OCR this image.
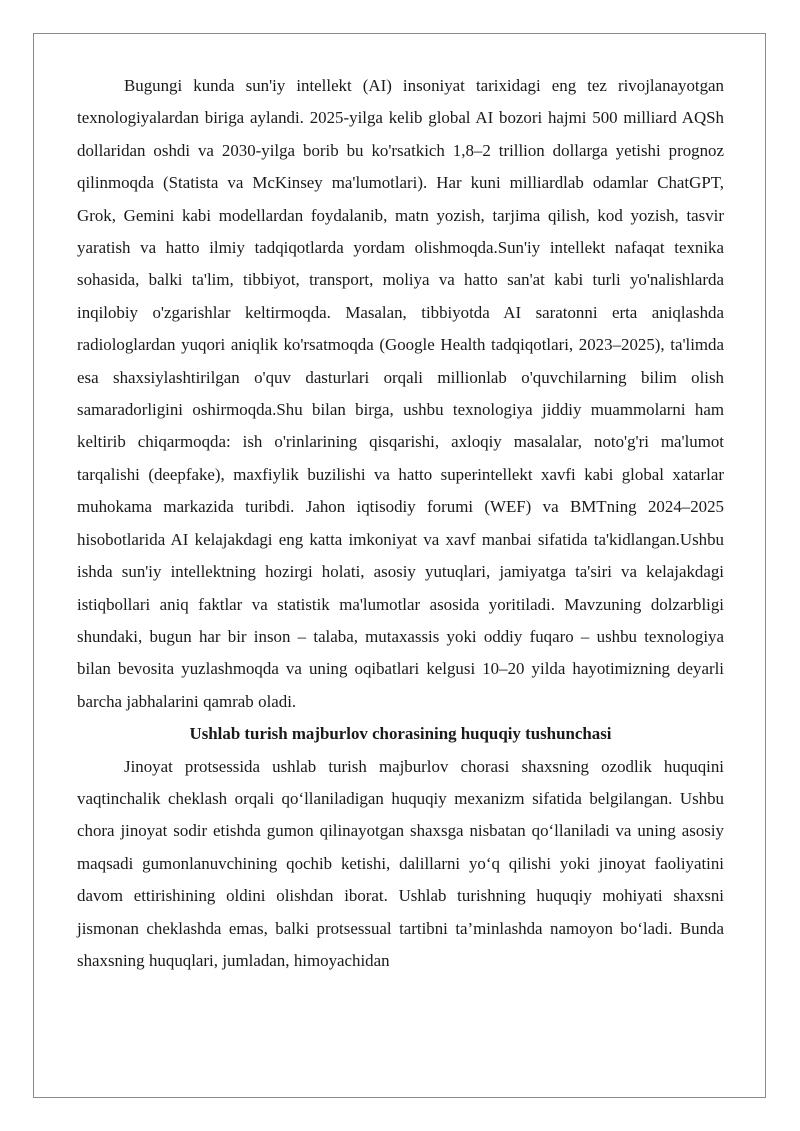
Bugungi kunda sun'iy intellekt (AI) insoniyat tarixidagi eng tez rivojlanayotgan texnologiyalardan biriga aylandi. 2025-yilga kelib global AI bozori hajmi 500 milliard AQSh dollaridan oshdi va 2030-yilga borib bu ko'rsatkich 1,8–2 trillion dollarga yetishi prognoz qilinmoqda (Statista va McKinsey ma'lumotlari). Har kuni milliardlab odamlar ChatGPT, Grok, Gemini kabi modellardan foydalanib, matn yozish, tarjima qilish, kod yozish, tasvir yaratish va hatto ilmiy tadqiqotlarda yordam olishmoqda.Sun'iy intellekt nafaqat texnika sohasida, balki ta'lim, tibbiyot, transport, moliya va hatto san'at kabi turli yo'nalishlarda inqilobiy o'zgarishlar keltirmoqda. Masalan, tibbiyotda AI saratonni erta aniqlashda radiologlardan yuqori aniqlik ko'rsatmoqda (Google Health tadqiqotlari, 2023–2025), ta'limda esa shaxsiylashtirilgan o'quv dasturlari orqali millionlab o'quvchilarning bilim olish samaradorligini oshirmoqda.Shu bilan birga, ushbu texnologiya jiddiy muammolarni ham keltirib chiqarmoqda: ish o'rinlarining qisqarishi, axloqiy masalalar, noto'g'ri ma'lumot tarqalishi (deepfake), maxfiylik buzilishi va hatto superintellekt xavfi kabi global xatarlar muhokama markazida turibdi. Jahon iqtisodiy forumi (WEF) va BMTning 2024–2025 hisobotlarida AI kelajakdagi eng katta imkoniyat va xavf manbai sifatida ta'kidlangan.Ushbu ishda sun'iy intellektning hozirgi holati, asosiy yutuqlari, jamiyatga ta'siri va kelajakdagi istiqbollari aniq faktlar va statistik ma'lumotlar asosida yoritiladi. Mavzuning dolzarbligi shundaki, bugun har bir inson – talaba, mutaxassis yoki oddiy fuqaro – ushbu texnologiya bilan bevosita yuzlashmoqda va uning oqibatlari kelgusi 10–20 yilda hayotimizning deyarli barcha jabhalarini qamrab oladi.

Ushlab turish majburlov chorasining huquqiy tushunchasi

Jinoyat protsessida ushlab turish majburlov chorasi shaxsning ozodlik huquqini vaqtinchalik cheklash orqali qo‘llaniladigan huquqiy mexanizm sifatida belgilangan. Ushbu chora jinoyat sodir etishda gumon qilinayotgan shaxsga nisbatan qo‘llaniladi va uning asosiy maqsadi gumonlanuvchining qochib ketishi, dalillarni yo‘q qilishi yoki jinoyat faoliyatini davom ettirishining oldini olishdan iborat. Ushlab turishning huquqiy mohiyati shaxsni jismonan cheklashda emas, balki protsessual tartibni ta’minlashda namoyon bo‘ladi. Bunda shaxsning huquqlari, jumladan, himoyachidan
